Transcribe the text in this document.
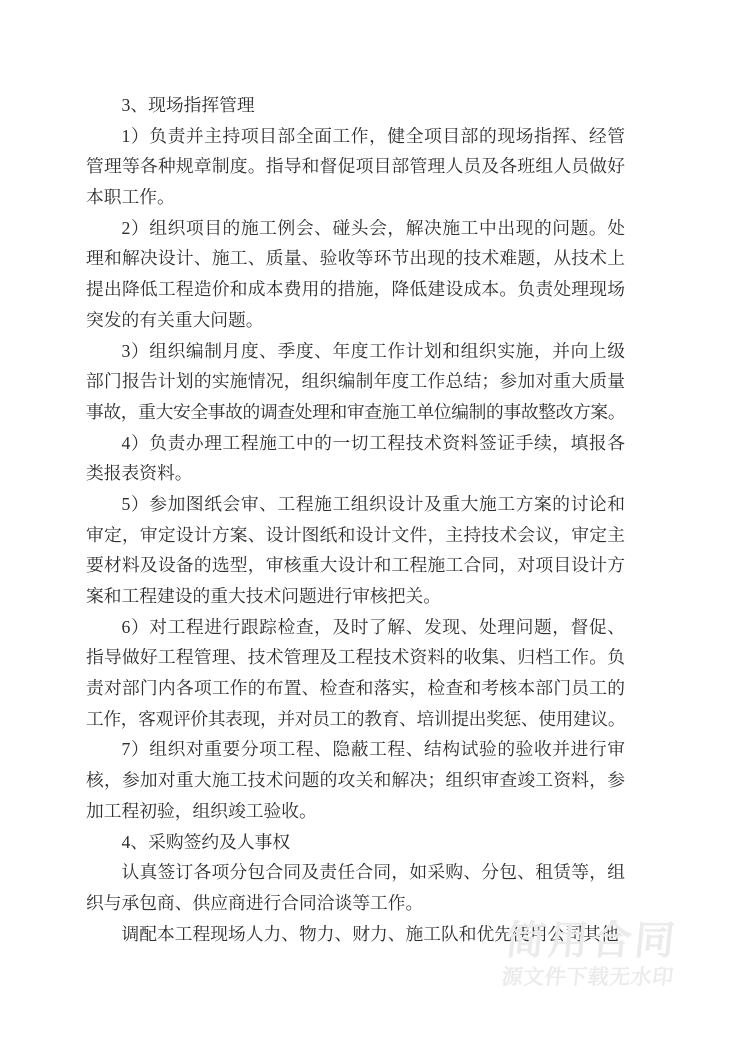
3、现场指挥管理
1）负责并主持项目部全面工作，健全项目部的现场指挥、经管
管理等各种规章制度。指导和督促项目部管理人员及各班组人员做好
本职工作。
2）组织项目的施工例会、碰头会，解决施工中出现的问题。处
理和解决设计、施工、质量、验收等环节出现的技术难题，从技术上
提出降低工程造价和成本费用的措施，降低建设成本。负责处理现场
突发的有关重大问题。
3）组织编制月度、季度、年度工作计划和组织实施，并向上级
部门报告计划的实施情况，组织编制年度工作总结；参加对重大质量
事故，重大安全事故的调查处理和审查施工单位编制的事故整改方案。
4）负责办理工程施工中的一切工程技术资料签证手续，填报各
类报表资料。
5）参加图纸会审、工程施工组织设计及重大施工方案的讨论和
审定，审定设计方案、设计图纸和设计文件，主持技术会议，审定主
要材料及设备的选型，审核重大设计和工程施工合同，对项目设计方
案和工程建设的重大技术问题进行审核把关。
6）对工程进行跟踪检查，及时了解、发现、处理问题，督促、
指导做好工程管理、技术管理及工程技术资料的收集、归档工作。负
责对部门内各项工作的布置、检查和落实，检查和考核本部门员工的
工作，客观评价其表现，并对员工的教育、培训提出奖惩、使用建议。
7）组织对重要分项工程、隐蔽工程、结构试验的验收并进行审
核，参加对重大施工技术问题的攻关和解决；组织审查竣工资料，参
加工程初验，组织竣工验收。
4、采购签约及人事权
认真签订各项分包合同及责任合同，如采购、分包、租赁等，组
织与承包商、供应商进行合同洽谈等工作。
调配本工程现场人力、物力、财力、施工队和优先使用公司其他
简用合同
源文件下载无水印
